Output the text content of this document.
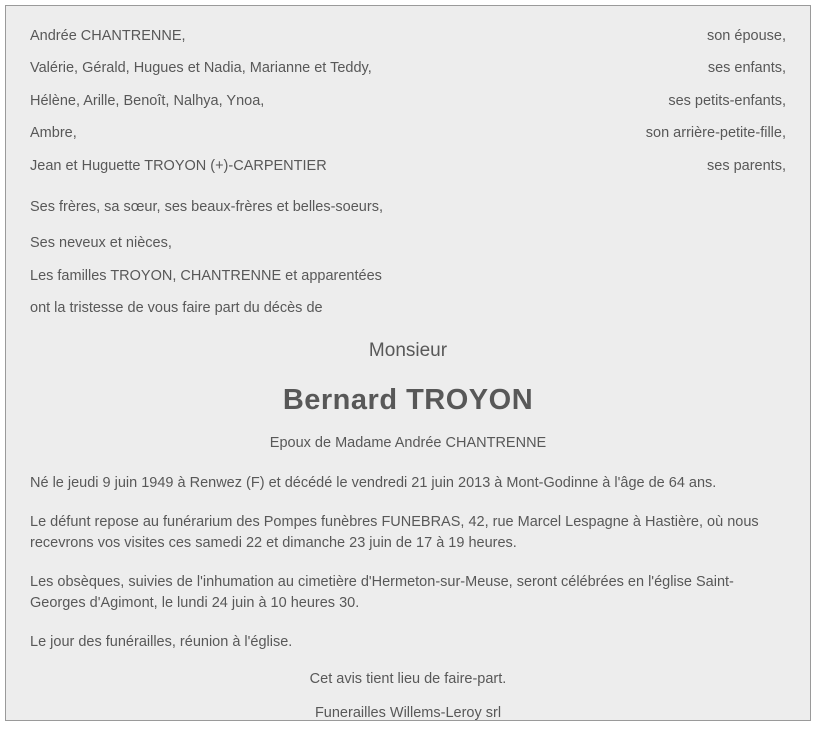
Andrée CHANTRENNE,	son épouse,
Valérie, Gérald, Hugues et Nadia, Marianne et Teddy,	ses enfants,
Hélène, Arille, Benoît, Nalhya, Ynoa,	ses petits-enfants,
Ambre,	son arrière-petite-fille,
Jean et Huguette TROYON (+)-CARPENTIER	ses parents,
Ses frères, sa sœur, ses beaux-frères et belles-soeurs,
Ses neveux et nièces,
Les familles TROYON, CHANTRENNE et apparentées
ont la tristesse de vous faire part du décès de
Monsieur
Bernard TROYON
Epoux de Madame Andrée CHANTRENNE
Né le jeudi 9 juin 1949 à Renwez (F) et décédé le vendredi 21 juin 2013 à Mont-Godinne à l'âge de 64 ans.
Le défunt repose au funérarium des Pompes funèbres FUNEBRAS, 42, rue Marcel Lespagne à Hastière, où nous recevrons vos visites ces samedi 22 et dimanche 23 juin de 17 à 19 heures.
Les obsèques, suivies de l'inhumation au cimetière d'Hermeton-sur-Meuse, seront célébrées en l'église Saint-Georges d'Agimont, le lundi 24 juin à 10 heures 30.
Le jour des funérailles, réunion à l'église.
Cet avis tient lieu de faire-part.
Funerailles Willems-Leroy srl
